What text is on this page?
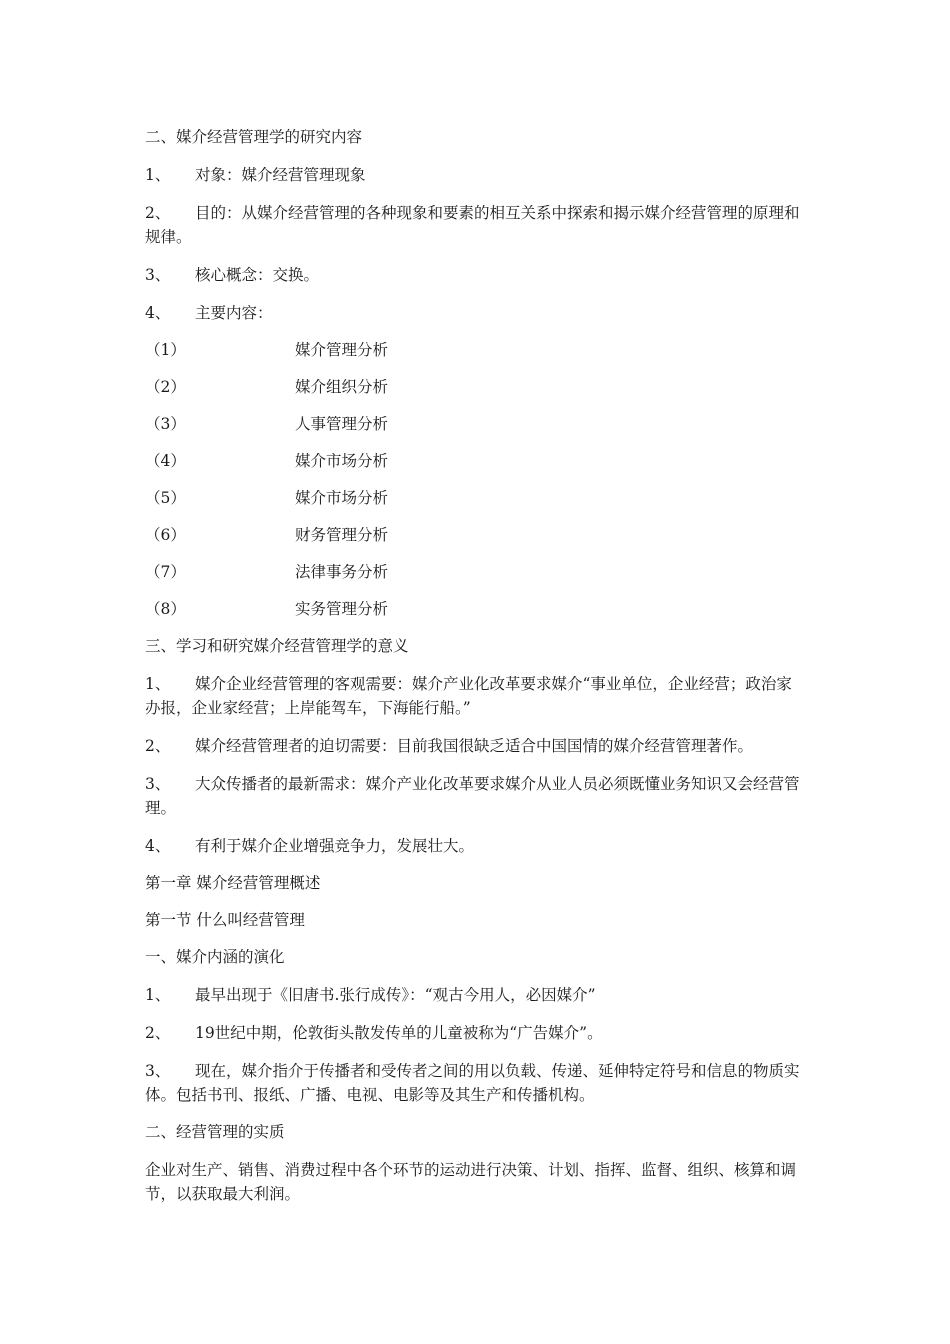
二、媒介经营管理学的研究内容

1、 对象：媒介经营管理现象

2、 目的：从媒介经营管理的各种现象和要素的相互关系中探索和揭示媒介经营管理的原理和规律。

3、 核心概念：交换。

4、 主要内容：

（1）	媒介管理分析
（2）	媒介组织分析
（3）	人事管理分析
（4）	媒介市场分析
（5）	媒介市场分析
（6）	财务管理分析
（7）	法律事务分析
（8）	实务管理分析

三、学习和研究媒介经营管理学的意义

1、 媒介企业经营管理的客观需要：媒介产业化改革要求媒介“事业单位，企业经营；政治家办报，企业家经营；上岸能驾车，下海能行船。”

2、 媒介经营管理者的迫切需要：目前我国很缺乏适合中国国情的媒介经营管理著作。

3、 大众传播者的最新需求：媒介产业化改革要求媒介从业人员必须既懂业务知识又会经营管理。

4、 有利于媒介企业增强竞争力，发展壮大。

第一章 媒介经营管理概述

第一节 什么叫经营管理

一、媒介内涵的演化

1、 最早出现于《旧唐书.张行成传》：“观古今用人，必因媒介”

2、 19世纪中期，伦敦街头散发传单的儿童被称为“广告媒介”。

3、 现在，媒介指介于传播者和受传者之间的用以负载、传递、延伸特定符号和信息的物质实体。包括书刊、报纸、广播、电视、电影等及其生产和传播机构。

二、经营管理的实质

企业对生产、销售、消费过程中各个环节的运动进行决策、计划、指挥、监督、组织、核算和调节，以获取最大利润。
